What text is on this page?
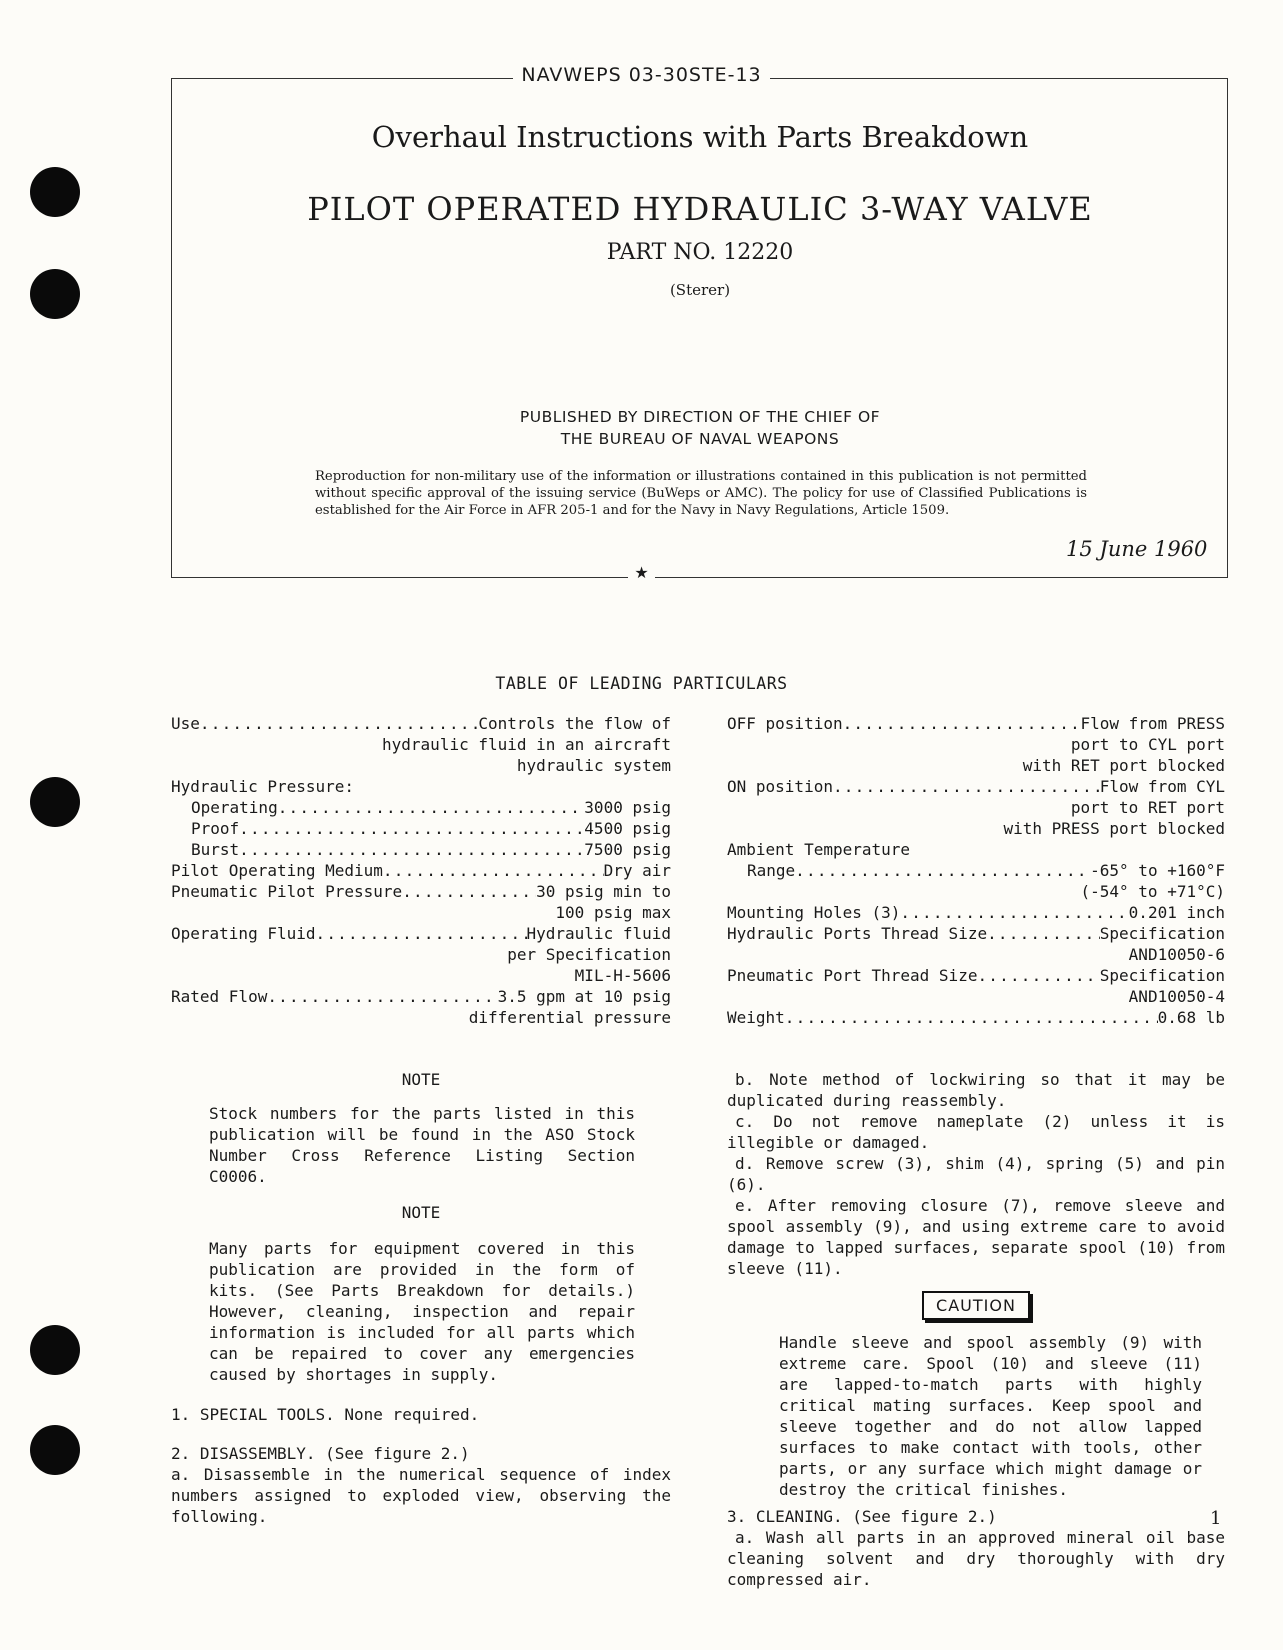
NAVWEPS 03-30STE-13
★
Overhaul Instructions with Parts Breakdown
PILOT OPERATED HYDRAULIC 3-WAY VALVE
PART NO. 12220
(Sterer)
PUBLISHED BY DIRECTION OF THE CHIEF OF
THE BUREAU OF NAVAL WEAPONS
Reproduction for non-military use of the information or illustrations contained in this publication is not permitted
without specific approval of the issuing service (BuWeps or AMC). The policy for use of Classified Publications is
established for the Air Force in AFR 205-1 and for the Navy in Navy Regulations, Article 1509.
15 June 1960
TABLE OF LEADING PARTICULARS
Use .....	Controls the flow of
hydraulic fluid in an aircraft
hydraulic system
Hydraulic Pressure:
Operating .....	3000 psig
Proof .....	4500 psig
Burst .....	7500 psig
Pilot Operating Medium .....	Dry air
Pneumatic Pilot Pressure .....	30 psig min to
100 psig max
Operating Fluid .....	Hydraulic fluid
per Specification
MIL-H-5606
Rated Flow .....	3.5 gpm at 10 psig
differential pressure
OFF position .....	Flow from PRESS
port to CYL port
with RET port blocked
ON position .....	Flow from CYL
port to RET port
with PRESS port blocked
Ambient Temperature
Range .....	-65° to +160°F
(-54° to +71°C)
Mounting Holes (3) .....	0.201 inch
Hydraulic Ports Thread Size .....	Specification
AND10050-6
Pneumatic Port Thread Size .....	Specification
AND10050-4
Weight .....	0.68 lb

NOTE

Stock numbers for the parts listed in this publication will be found in the ASO Stock Number Cross Reference Listing Section C0006.

NOTE

Many parts for equipment covered in this publication are provided in the form of kits. (See Parts Breakdown for details.) However, cleaning, inspection and repair information is included for all parts which can be repaired to cover any emergencies caused by shortages in supply.

1. SPECIAL TOOLS. None required.

2. DISASSEMBLY. (See figure 2.)

a. Disassemble in the numerical sequence of index numbers assigned to exploded view, observing the following.

b. Note method of lockwiring so that it may be duplicated during reassembly.

c. Do not remove nameplate (2) unless it is illegible or damaged.

d. Remove screw (3), shim (4), spring (5) and pin (6).

e. After removing closure (7), remove sleeve and spool assembly (9), and using extreme care to avoid damage to lapped surfaces, separate spool (10) from sleeve (11).

CAUTION

Handle sleeve and spool assembly (9) with extreme care. Spool (10) and sleeve (11) are lapped-to-match parts with highly critical mating surfaces. Keep spool and sleeve together and do not allow lapped surfaces to make contact with tools, other parts, or any surface which might damage or destroy the critical finishes.

3. CLEANING. (See figure 2.)

a. Wash all parts in an approved mineral oil base cleaning solvent and dry thoroughly with dry compressed air.

1
